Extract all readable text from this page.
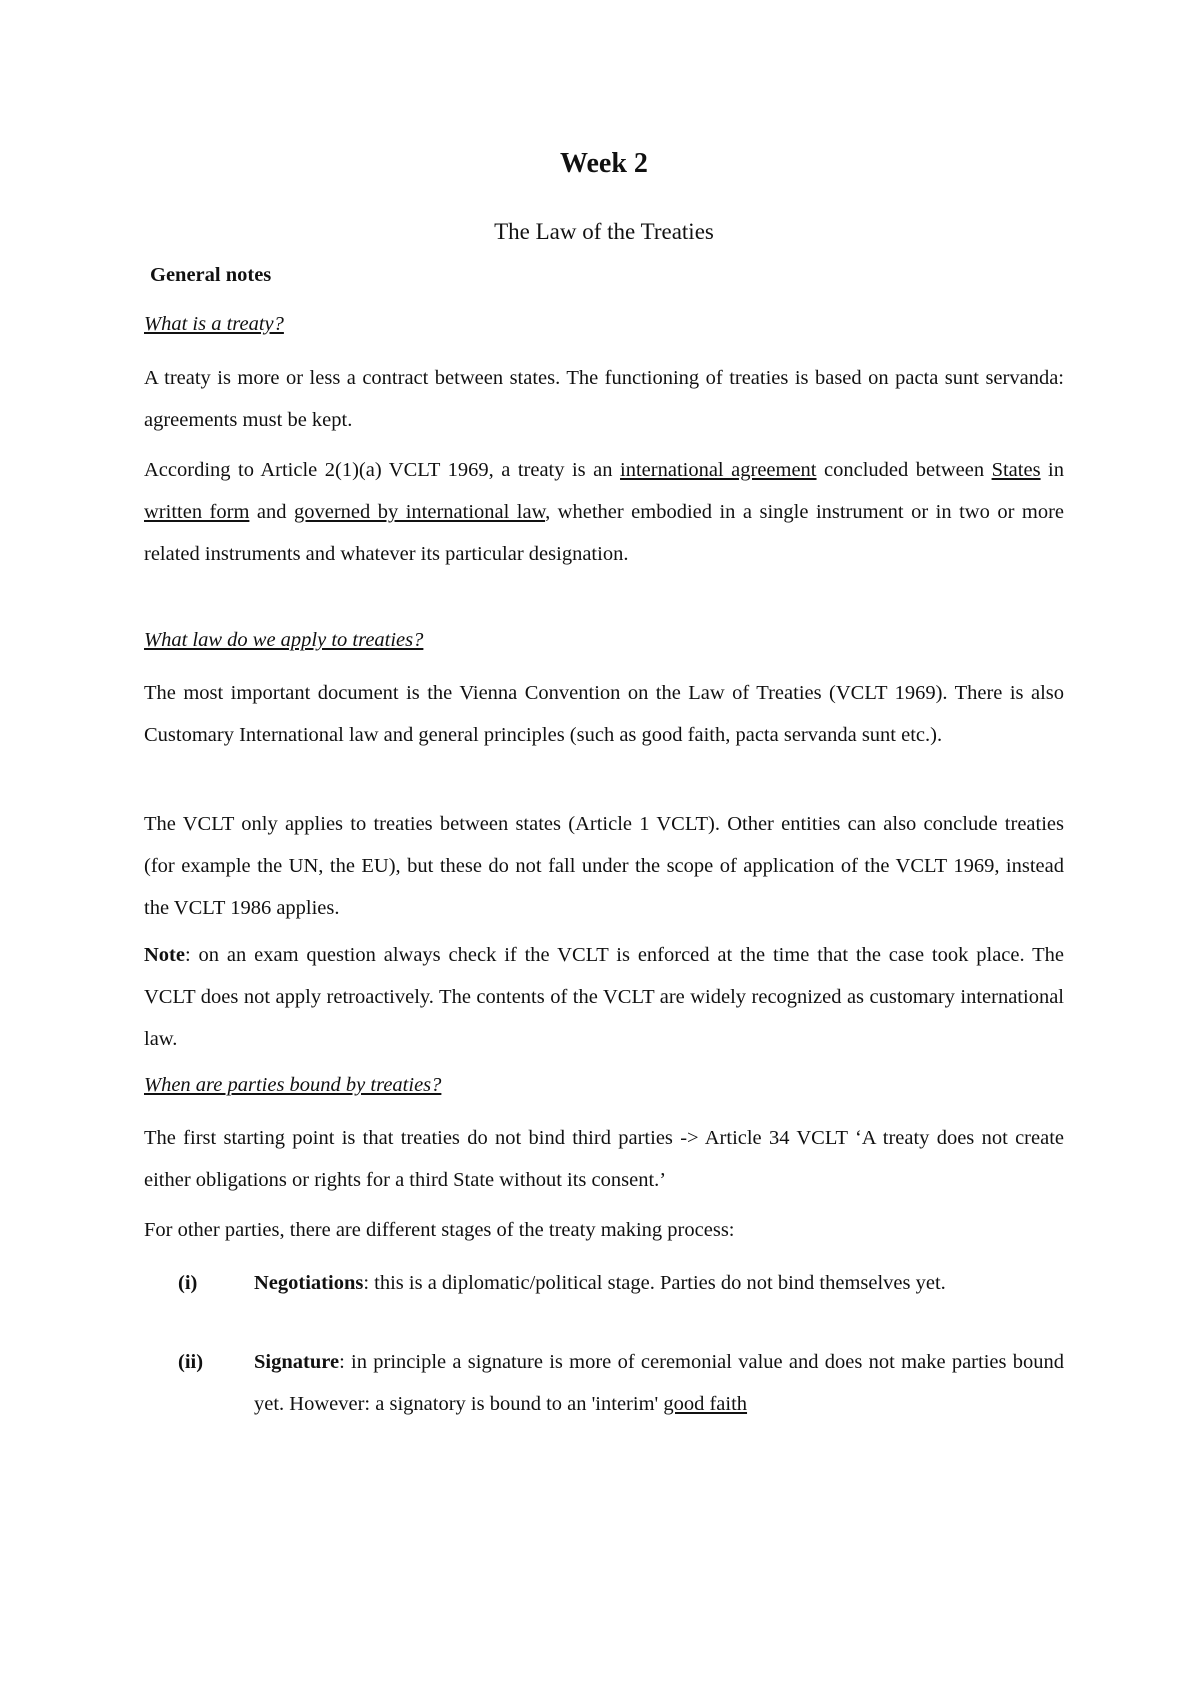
Week 2
The Law of the Treaties
General notes
What is a treaty?
A treaty is more or less a contract between states. The functioning of treaties is based on pacta sunt servanda: agreements must be kept.
According to Article 2(1)(a) VCLT 1969, a treaty is an international agreement concluded between States in written form and governed by international law, whether embodied in a single instrument or in two or more related instruments and whatever its particular designation.
What law do we apply to treaties?
The most important document is the Vienna Convention on the Law of Treaties (VCLT 1969). There is also Customary International law and general principles (such as good faith, pacta servanda sunt etc.).
The VCLT only applies to treaties between states (Article 1 VCLT). Other entities can also conclude treaties (for example the UN, the EU), but these do not fall under the scope of application of the VCLT 1969, instead the VCLT 1986 applies.
Note: on an exam question always check if the VCLT is enforced at the time that the case took place. The VCLT does not apply retroactively. The contents of the VCLT are widely recognized as customary international law.
When are parties bound by treaties?
The first starting point is that treaties do not bind third parties -> Article 34 VCLT ‘A treaty does not create either obligations or rights for a third State without its consent.’
For other parties, there are different stages of the treaty making process:
(i)	Negotiations: this is a diplomatic/political stage. Parties do not bind themselves yet.
(ii) Signature: in principle a signature is more of ceremonial value and does not make parties bound yet. However: a signatory is bound to an 'interim' good faith
